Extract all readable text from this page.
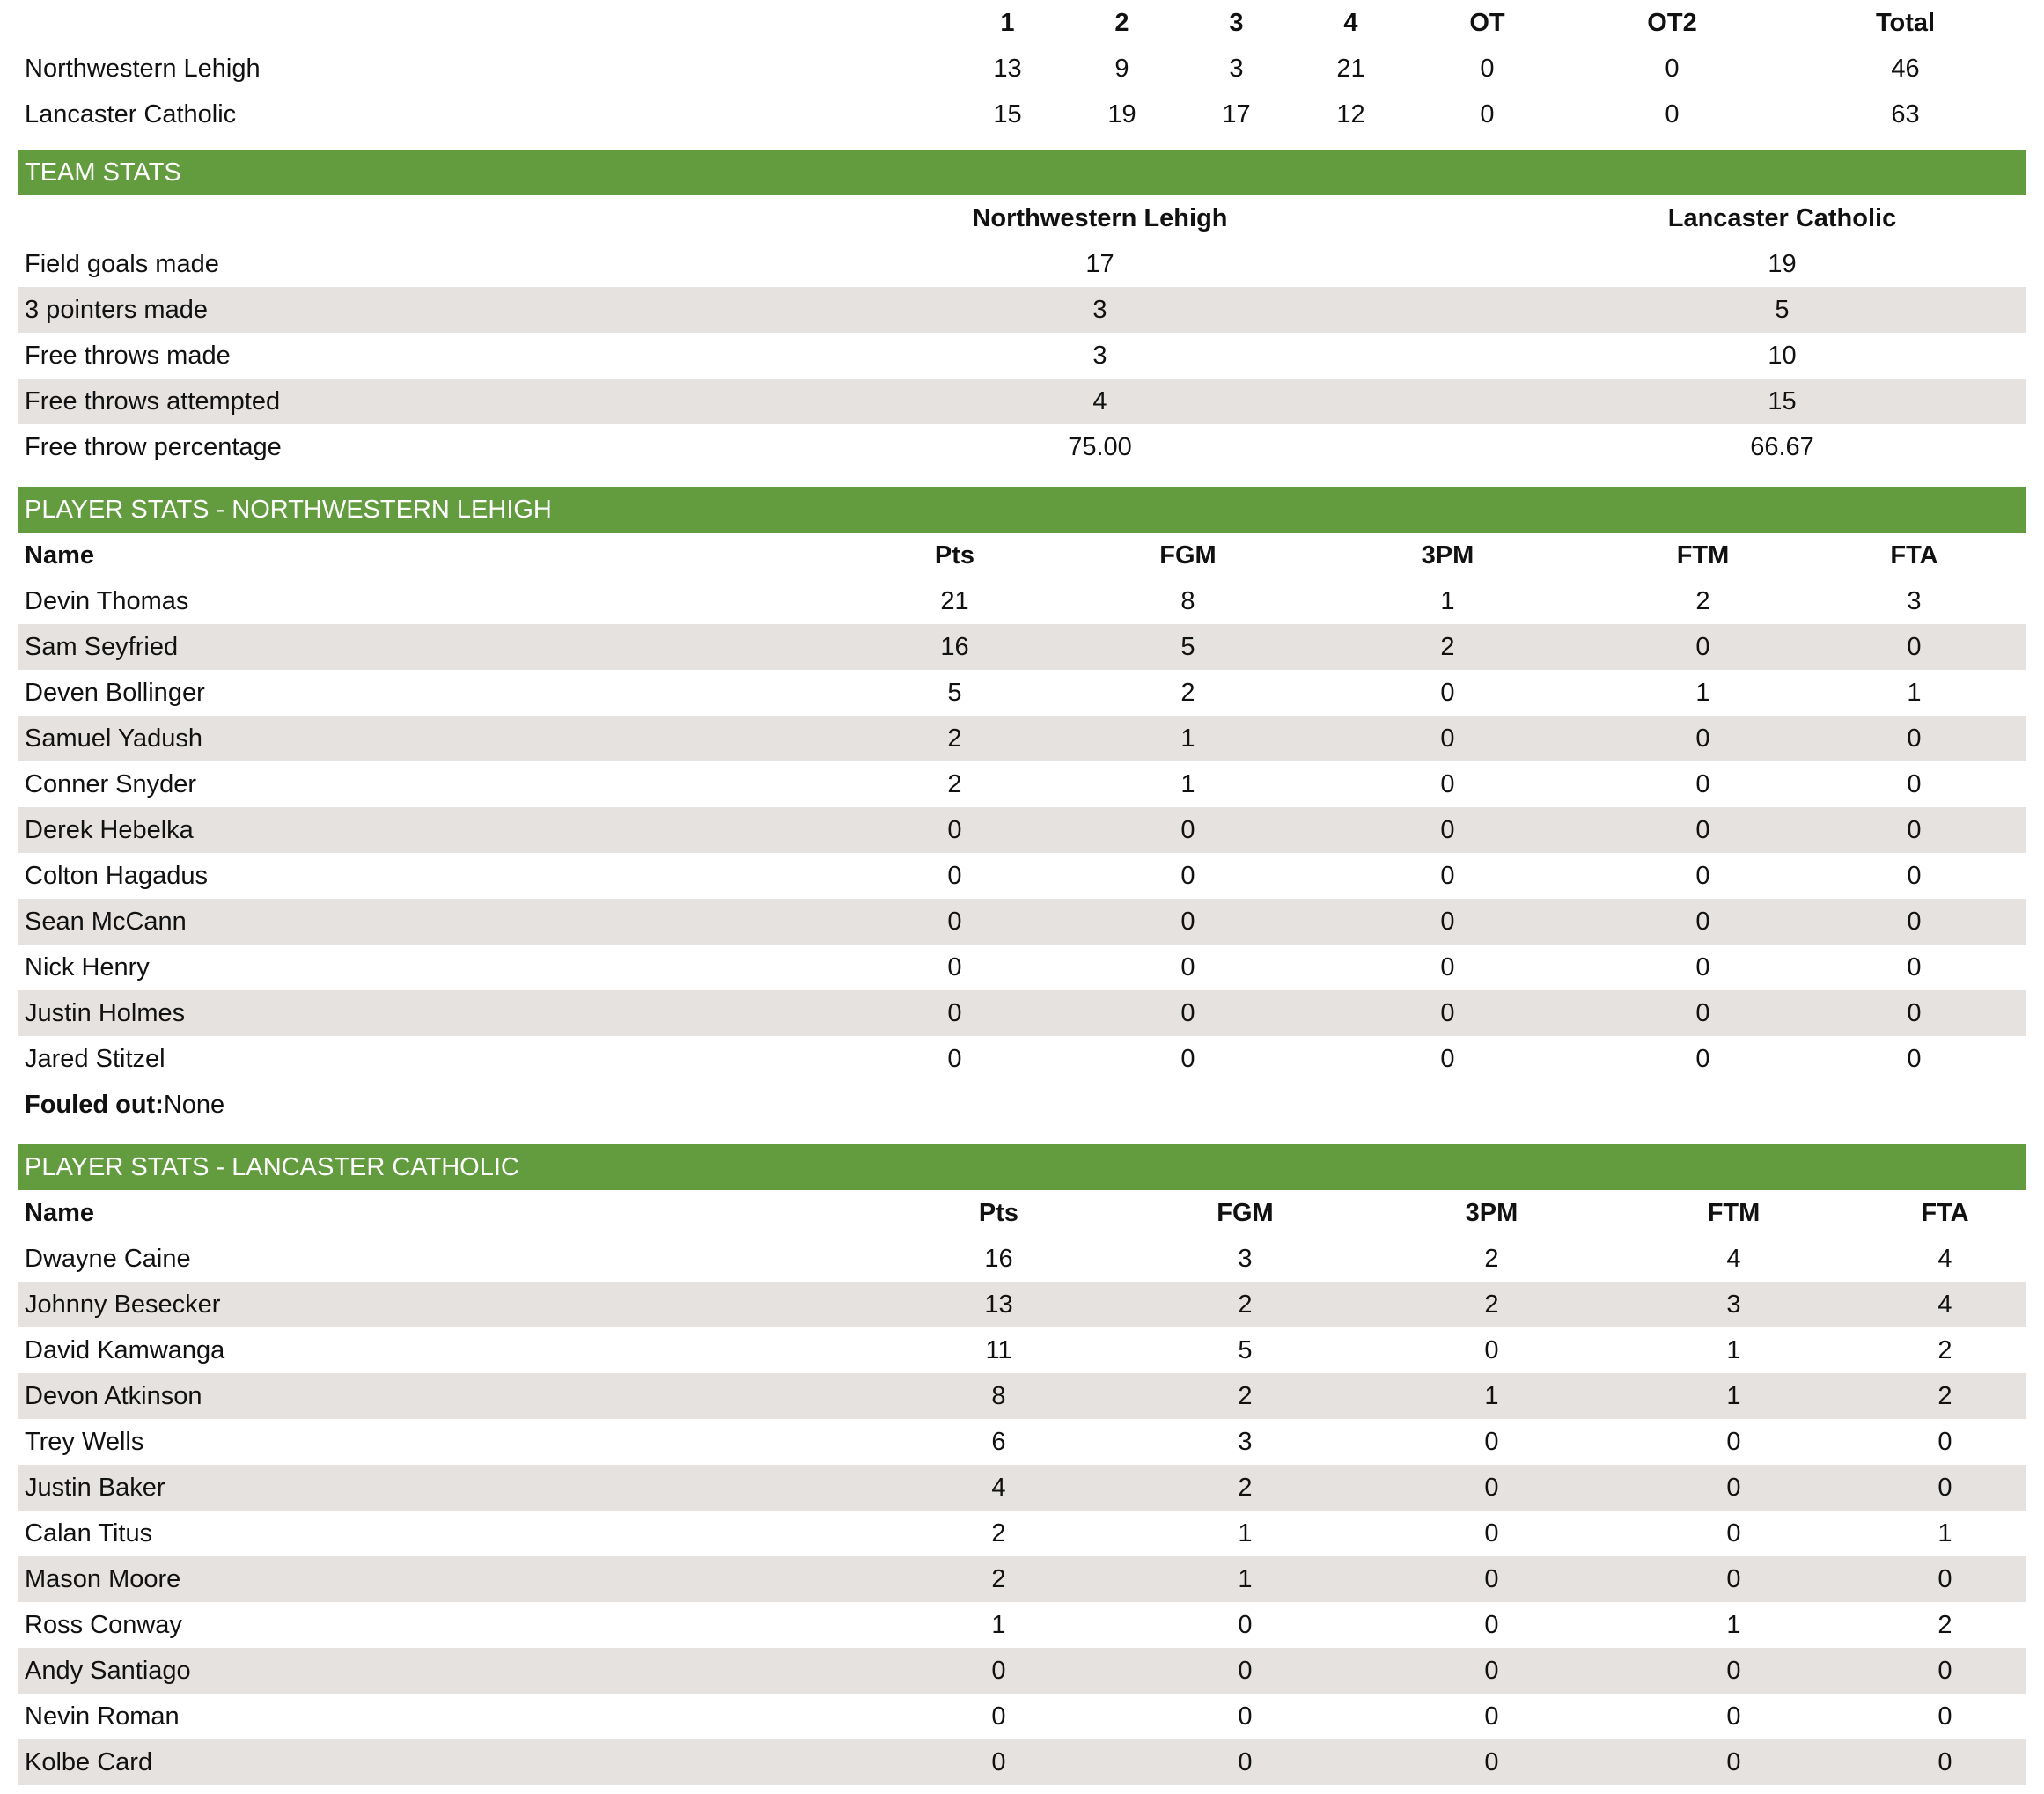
	1	2	3	4	OT	OT2	Total
Northwestern Lehigh	13	9	3	21	0	0	46
Lancaster Catholic	15	19	17	12	0	0	63
TEAM STATS
	Northwestern Lehigh	Lancaster Catholic
Field goals made	17	19
3 pointers made	3	5
Free throws made	3	10
Free throws attempted	4	15
Free throw percentage	75.00	66.67
PLAYER STATS - NORTHWESTERN LEHIGH
Name	Pts	FGM	3PM	FTM	FTA
Devin Thomas	21	8	1	2	3
Sam Seyfried	16	5	2	0	0
Deven Bollinger	5	2	0	1	1
Samuel Yadush	2	1	0	0	0
Conner Snyder	2	1	0	0	0
Derek Hebelka	0	0	0	0	0
Colton Hagadus	0	0	0	0	0
Sean McCann	0	0	0	0	0
Nick Henry	0	0	0	0	0
Justin Holmes	0	0	0	0	0
Jared Stitzel	0	0	0	0	0
Fouled out:None
PLAYER STATS - LANCASTER CATHOLIC
Name	Pts	FGM	3PM	FTM	FTA
Dwayne Caine	16	3	2	4	4
Johnny Besecker	13	2	2	3	4
David Kamwanga	11	5	0	1	2
Devon Atkinson	8	2	1	1	2
Trey Wells	6	3	0	0	0
Justin Baker	4	2	0	0	0
Calan Titus	2	1	0	0	1
Mason Moore	2	1	0	0	0
Ross Conway	1	0	0	1	2
Andy Santiago	0	0	0	0	0
Nevin Roman	0	0	0	0	0
Kolbe Card	0	0	0	0	0
